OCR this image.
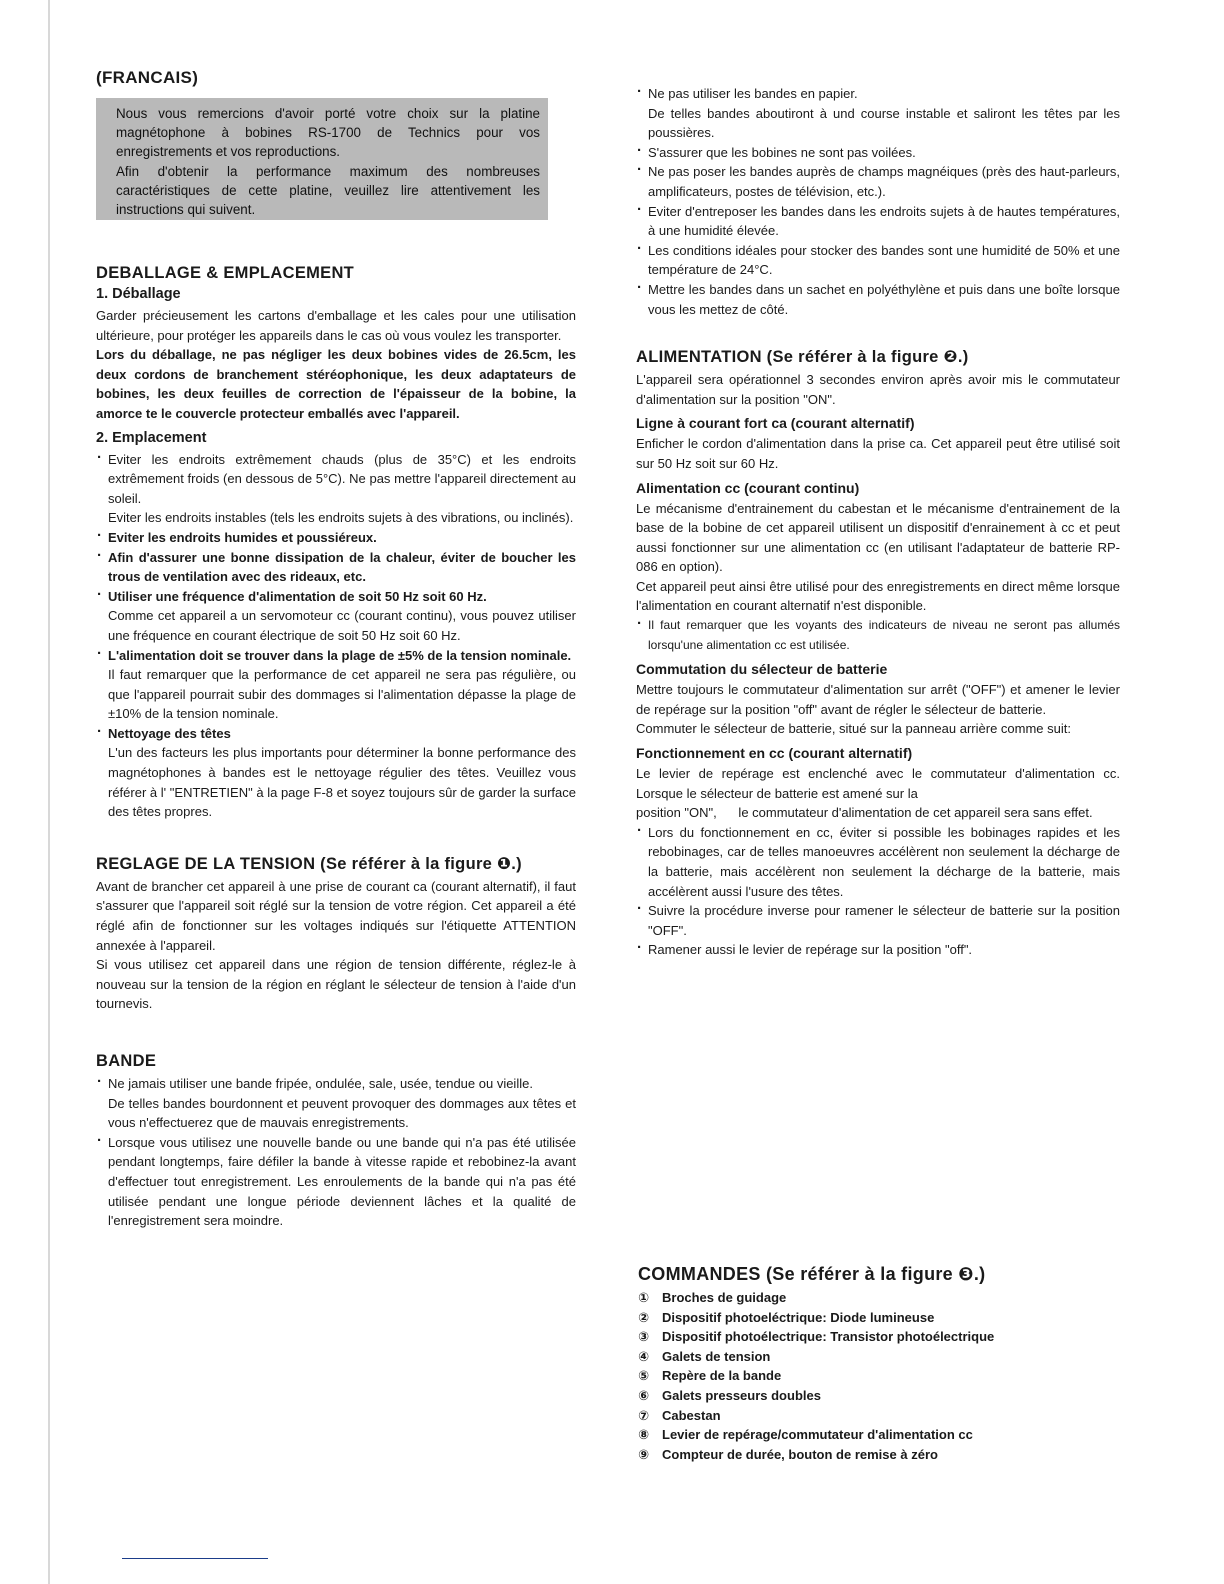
(FRANCAIS)

Nous vous remercions d'avoir porté votre choix sur la platine magnétophone à bobines RS-1700 de Technics pour vos enregistrements et vos reproductions.

Afin d'obtenir la performance maximum des nombreuses caractéristiques de cette platine, veuillez lire attentivement les instructions qui suivent.

DEBALLAGE & EMPLACEMENT
1. Déballage

Garder précieusement les cartons d'emballage et les cales pour une utilisation ultérieure, pour protéger les appareils dans le cas où vous voulez les transporter.

Lors du déballage, ne pas négliger les deux bobines vides de 26.5cm, les deux cordons de branchement stéréophonique, les deux adaptateurs de bobines, les deux feuilles de correction de l'épaisseur de la bobine, la amorce te le couvercle protecteur emballés avec l'appareil.

2. Emplacement

· Eviter les endroits extrêmement chauds (plus de 35°C) et les endroits extrêmement froids (en dessous de 5°C). Ne pas mettre l'appareil directement au soleil.

Eviter les endroits instables (tels les endroits sujets à des vibrations, ou inclinés).

· Eviter les endroits humides et poussiéreux.

· Afin d'assurer une bonne dissipation de la chaleur, éviter de boucher les trous de ventilation avec des rideaux, etc.

· Utiliser une fréquence d'alimentation de soit 50 Hz soit 60 Hz.

Comme cet appareil a un servomoteur cc (courant continu), vous pouvez utiliser une fréquence en courant électrique de soit 50 Hz soit 60 Hz.

· L'alimentation doit se trouver dans la plage de ±5% de la tension nominale.

Il faut remarquer que la performance de cet appareil ne sera pas régulière, ou que l'appareil pourrait subir des dommages si l'alimentation dépasse la plage de ±10% de la tension nominale.

· Nettoyage des têtes

L'un des facteurs les plus importants pour déterminer la bonne performance des magnétophones à bandes est le nettoyage régulier des têtes. Veuillez vous référer à l' "ENTRETIEN" à la page F-8 et soyez toujours sûr de garder la surface des têtes propres.

REGLAGE DE LA TENSION (Se référer à la figure ❶.)

Avant de brancher cet appareil à une prise de courant ca (courant alternatif), il faut s'assurer que l'appareil soit réglé sur la tension de votre région. Cet appareil a été réglé afin de fonctionner sur les voltages indiqués sur l'étiquette ATTENTION annexée à l'appareil.

Si vous utilisez cet appareil dans une région de tension différente, réglez-le à nouveau sur la tension de la région en réglant le sélecteur de tension à l'aide d'un tournevis.

BANDE

· Ne jamais utiliser une bande fripée, ondulée, sale, usée, tendue ou vieille.

De telles bandes bourdonnent et peuvent provoquer des dommages aux têtes et vous n'effectuerez que de mauvais enregistrements.

· Lorsque vous utilisez une nouvelle bande ou une bande qui n'a pas été utilisée pendant longtemps, faire défiler la bande à vitesse rapide et rebobinez-la avant d'effectuer tout enregistrement. Les enroulements de la bande qui n'a pas été utilisée pendant une longue période deviennent lâches et la qualité de l'enregistrement sera moindre.

· Ne pas utiliser les bandes en papier.

De telles bandes aboutiront à und course instable et saliront les têtes par les poussières.

· S'assurer que les bobines ne sont pas voilées.

· Ne pas poser les bandes auprès de champs magnéiques (près des haut-parleurs, amplificateurs, postes de télévision, etc.).

· Eviter d'entreposer les bandes dans les endroits sujets à de hautes températures, à une humidité élevée.

· Les conditions idéales pour stocker des bandes sont une humidité de 50% et une température de 24°C.

· Mettre les bandes dans un sachet en polyéthylène et puis dans une boîte lorsque vous les mettez de côté.

ALIMENTATION (Se référer à la figure ❷.)

L'appareil sera opérationnel 3 secondes environ après avoir mis le commutateur d'alimentation sur la position "ON".

Ligne à courant fort ca (courant alternatif)

Enficher le cordon d'alimentation dans la prise ca. Cet appareil peut être utilisé soit sur 50 Hz soit sur 60 Hz.

Alimentation cc (courant continu)

Le mécanisme d'entrainement du cabestan et le mécanisme d'entrainement de la base de la bobine de cet appareil utilisent un dispositif d'enrainement à cc et peut aussi fonctionner sur une alimentation cc (en utilisant l'adaptateur de batterie RP-086 en option).

Cet appareil peut ainsi être utilisé pour des enregistrements en direct même lorsque l'alimentation en courant alternatif n'est disponible.

· Il faut remarquer que les voyants des indicateurs de niveau ne seront pas allumés lorsqu'une alimentation cc est utilisée.

Commutation du sélecteur de batterie

Mettre toujours le commutateur d'alimentation sur arrêt ("OFF") et amener le levier de repérage sur la position "off" avant de régler le sélecteur de batterie.

Commuter le sélecteur de batterie, situé sur la panneau arrière comme suit:

Fonctionnement en cc (courant alternatif)

Le levier de repérage est enclenché avec le commutateur d'alimentation cc. Lorsque le sélecteur de batterie est amené sur la

position "ON",      le commutateur d'alimentation de cet appareil sera sans effet.

· Lors du fonctionnement en cc, éviter si possible les bobinages rapides et les rebobinages, car de telles manoeuvres accélèrent non seulement la décharge de la batterie, mais accélèrent non seulement la décharge de la batterie, mais accélèrent aussi l'usure des têtes.

· Suivre la procédure inverse pour ramener le sélecteur de batterie sur la position "OFF".

· Ramener aussi le levier de repérage sur la position "off".

COMMANDES (Se référer à la figure ❸.)
① Broches de guidage
② Dispositif photoeléctrique: Diode lumineuse
③ Dispositif photoélectrique: Transistor photoélectrique
④ Galets de tension
⑤ Repère de la bande
⑥ Galets presseurs doubles
⑦ Cabestan
⑧ Levier de repérage/commutateur d'alimentation cc
⑨ Compteur de durée, bouton de remise à zéro
